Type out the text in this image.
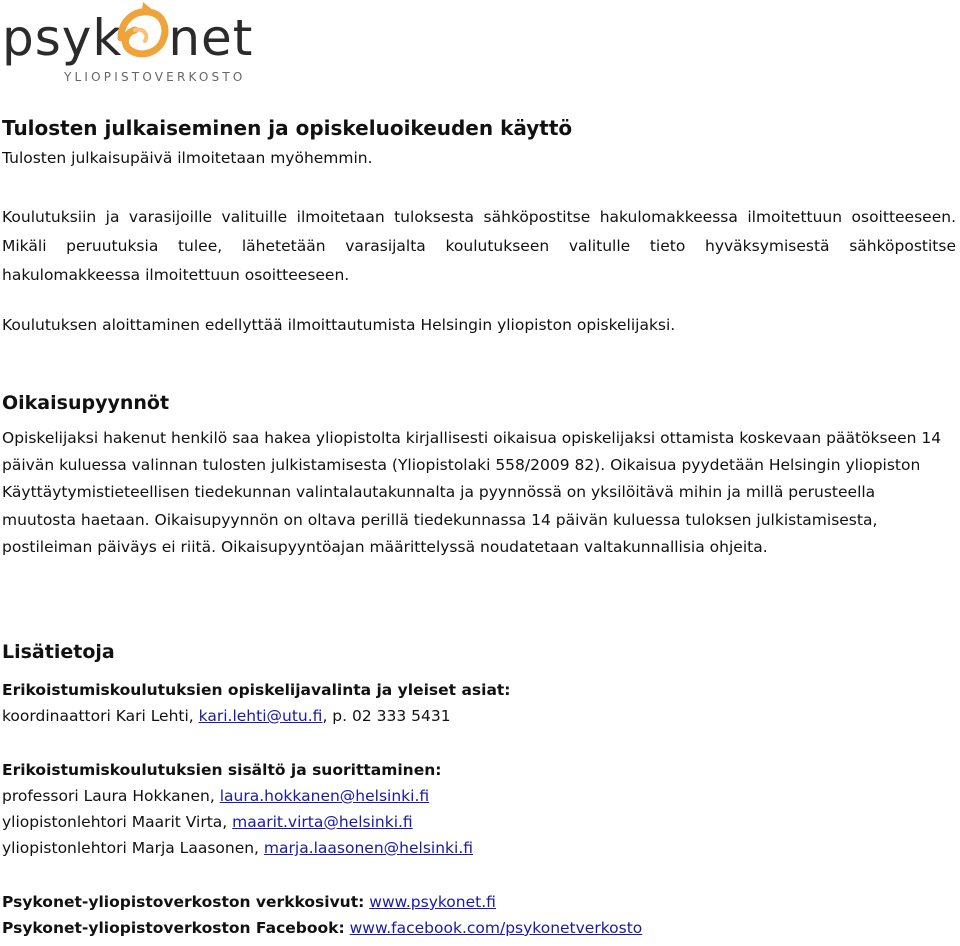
psyk net
YLIOPISTOVERKOSTO
Tulosten julkaiseminen ja opiskeluoikeuden käyttö

Tulosten julkaisupäivä ilmoitetaan myöhemmin.

Koulutuksiin ja varasijoille valituille ilmoitetaan tuloksesta sähköpostitse hakulomakkeessa ilmoitettuun osoitteeseen. Mikäli peruutuksia tulee, lähetetään varasijalta koulutukseen valitulle tieto hyväksymisestä sähköpostitse hakulomakkeessa ilmoitettuun osoitteeseen.

Koulutuksen aloittaminen edellyttää ilmoittautumista Helsingin yliopiston opiskelijaksi.

Oikaisupyynnöt

Opiskelijaksi hakenut henkilö saa hakea yliopistolta kirjallisesti oikaisua opiskelijaksi ottamista koskevaan päätökseen 14 päivän kuluessa valinnan tulosten julkistamisesta (Yliopistolaki 558/2009 82). Oikaisua pyydetään Helsingin yliopiston Käyttäytymistieteellisen tiedekunnan valintalautakunnalta ja pyynnössä on yksilöitävä mihin ja millä perusteella muutosta haetaan. Oikaisupyynnön on oltava perillä tiedekunnassa 14 päivän kuluessa tuloksen julkistamisesta, postileiman päiväys ei riitä. Oikaisupyyntöajan määrittelyssä noudatetaan valtakunnallisia ohjeita.

Lisätietoja
Erikoistumiskoulutuksien opiskelijavalinta ja yleiset asiat:
koordinaattori Kari Lehti, kari.lehti@utu.fi, p. 02 333 5431
Erikoistumiskoulutuksien sisältö ja suorittaminen:
professori Laura Hokkanen, laura.hokkanen@helsinki.fi
yliopistonlehtori Maarit Virta, maarit.virta@helsinki.fi
yliopistonlehtori Marja Laasonen, marja.laasonen@helsinki.fi
Psykonet-yliopistoverkoston verkkosivut: www.psykonet.fi
Psykonet-yliopistoverkoston Facebook: www.facebook.com/psykonetverkosto
